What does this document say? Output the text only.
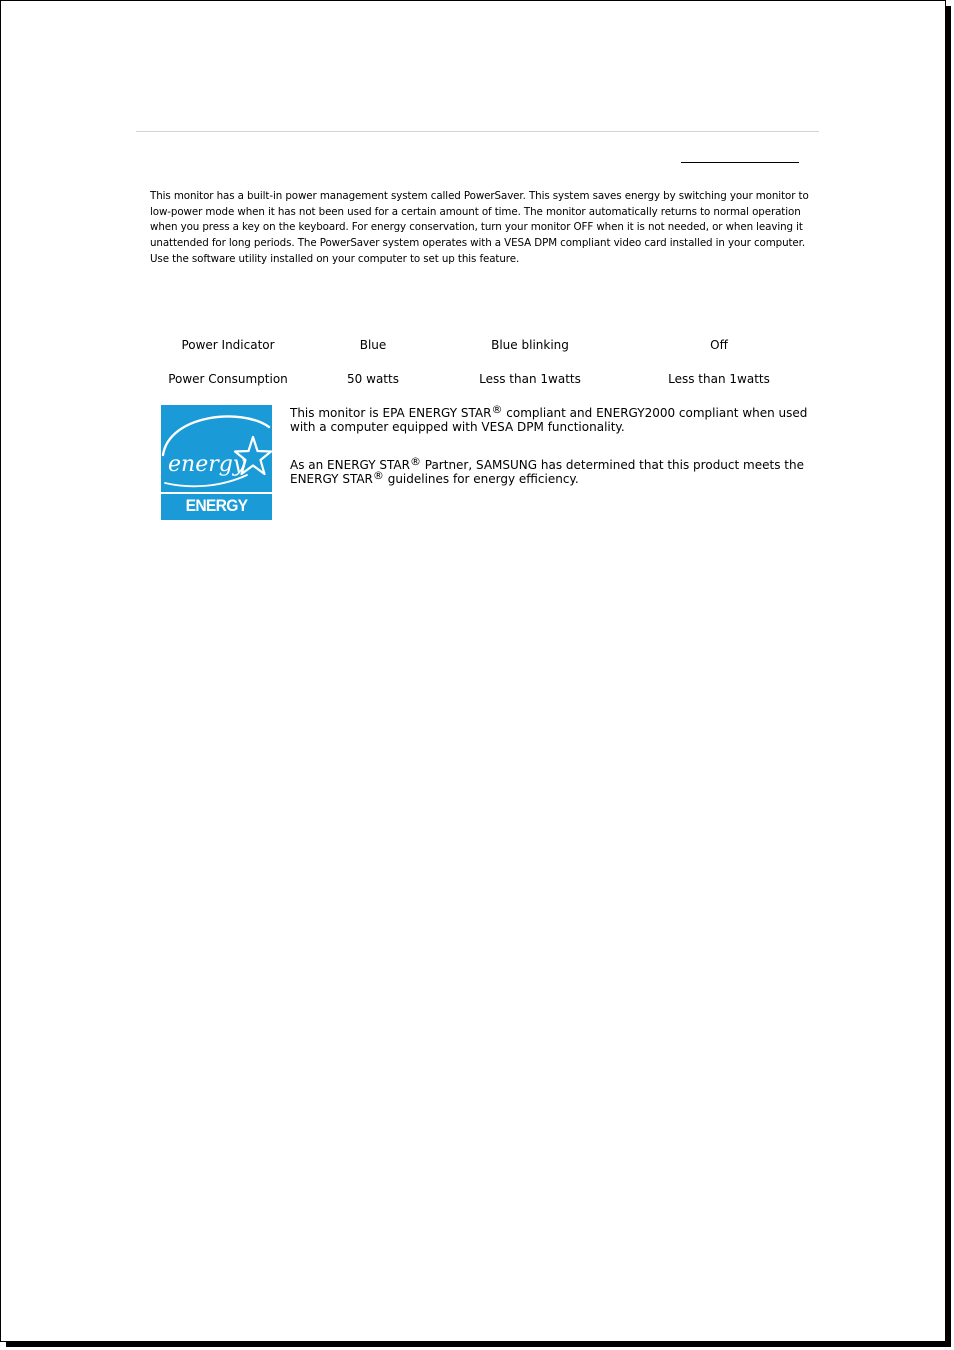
This monitor has a built-in power management system called PowerSaver. This system saves energy by switching your monitor to low-power mode when it has not been used for a certain amount of time. The monitor automatically returns to normal operation when you press a key on the keyboard. For energy conservation, turn your monitor OFF when it is not needed, or when leaving it unattended for long periods. The PowerSaver system operates with a VESA DPM compliant video card installed in your computer. Use the software utility installed on your computer to set up this feature.
Power Indicator	Blue	Blue blinking	Off
Power Consumption	50 watts	Less than 1watts	Less than 1watts
energy
ENERGY STAR
This monitor is EPA ENERGY STAR® compliant and ENERGY2000 compliant when used with a computer equipped with VESA DPM functionality.
As an ENERGY STAR® Partner, SAMSUNG has determined that this product meets the ENERGY STAR® guidelines for energy efficiency.
